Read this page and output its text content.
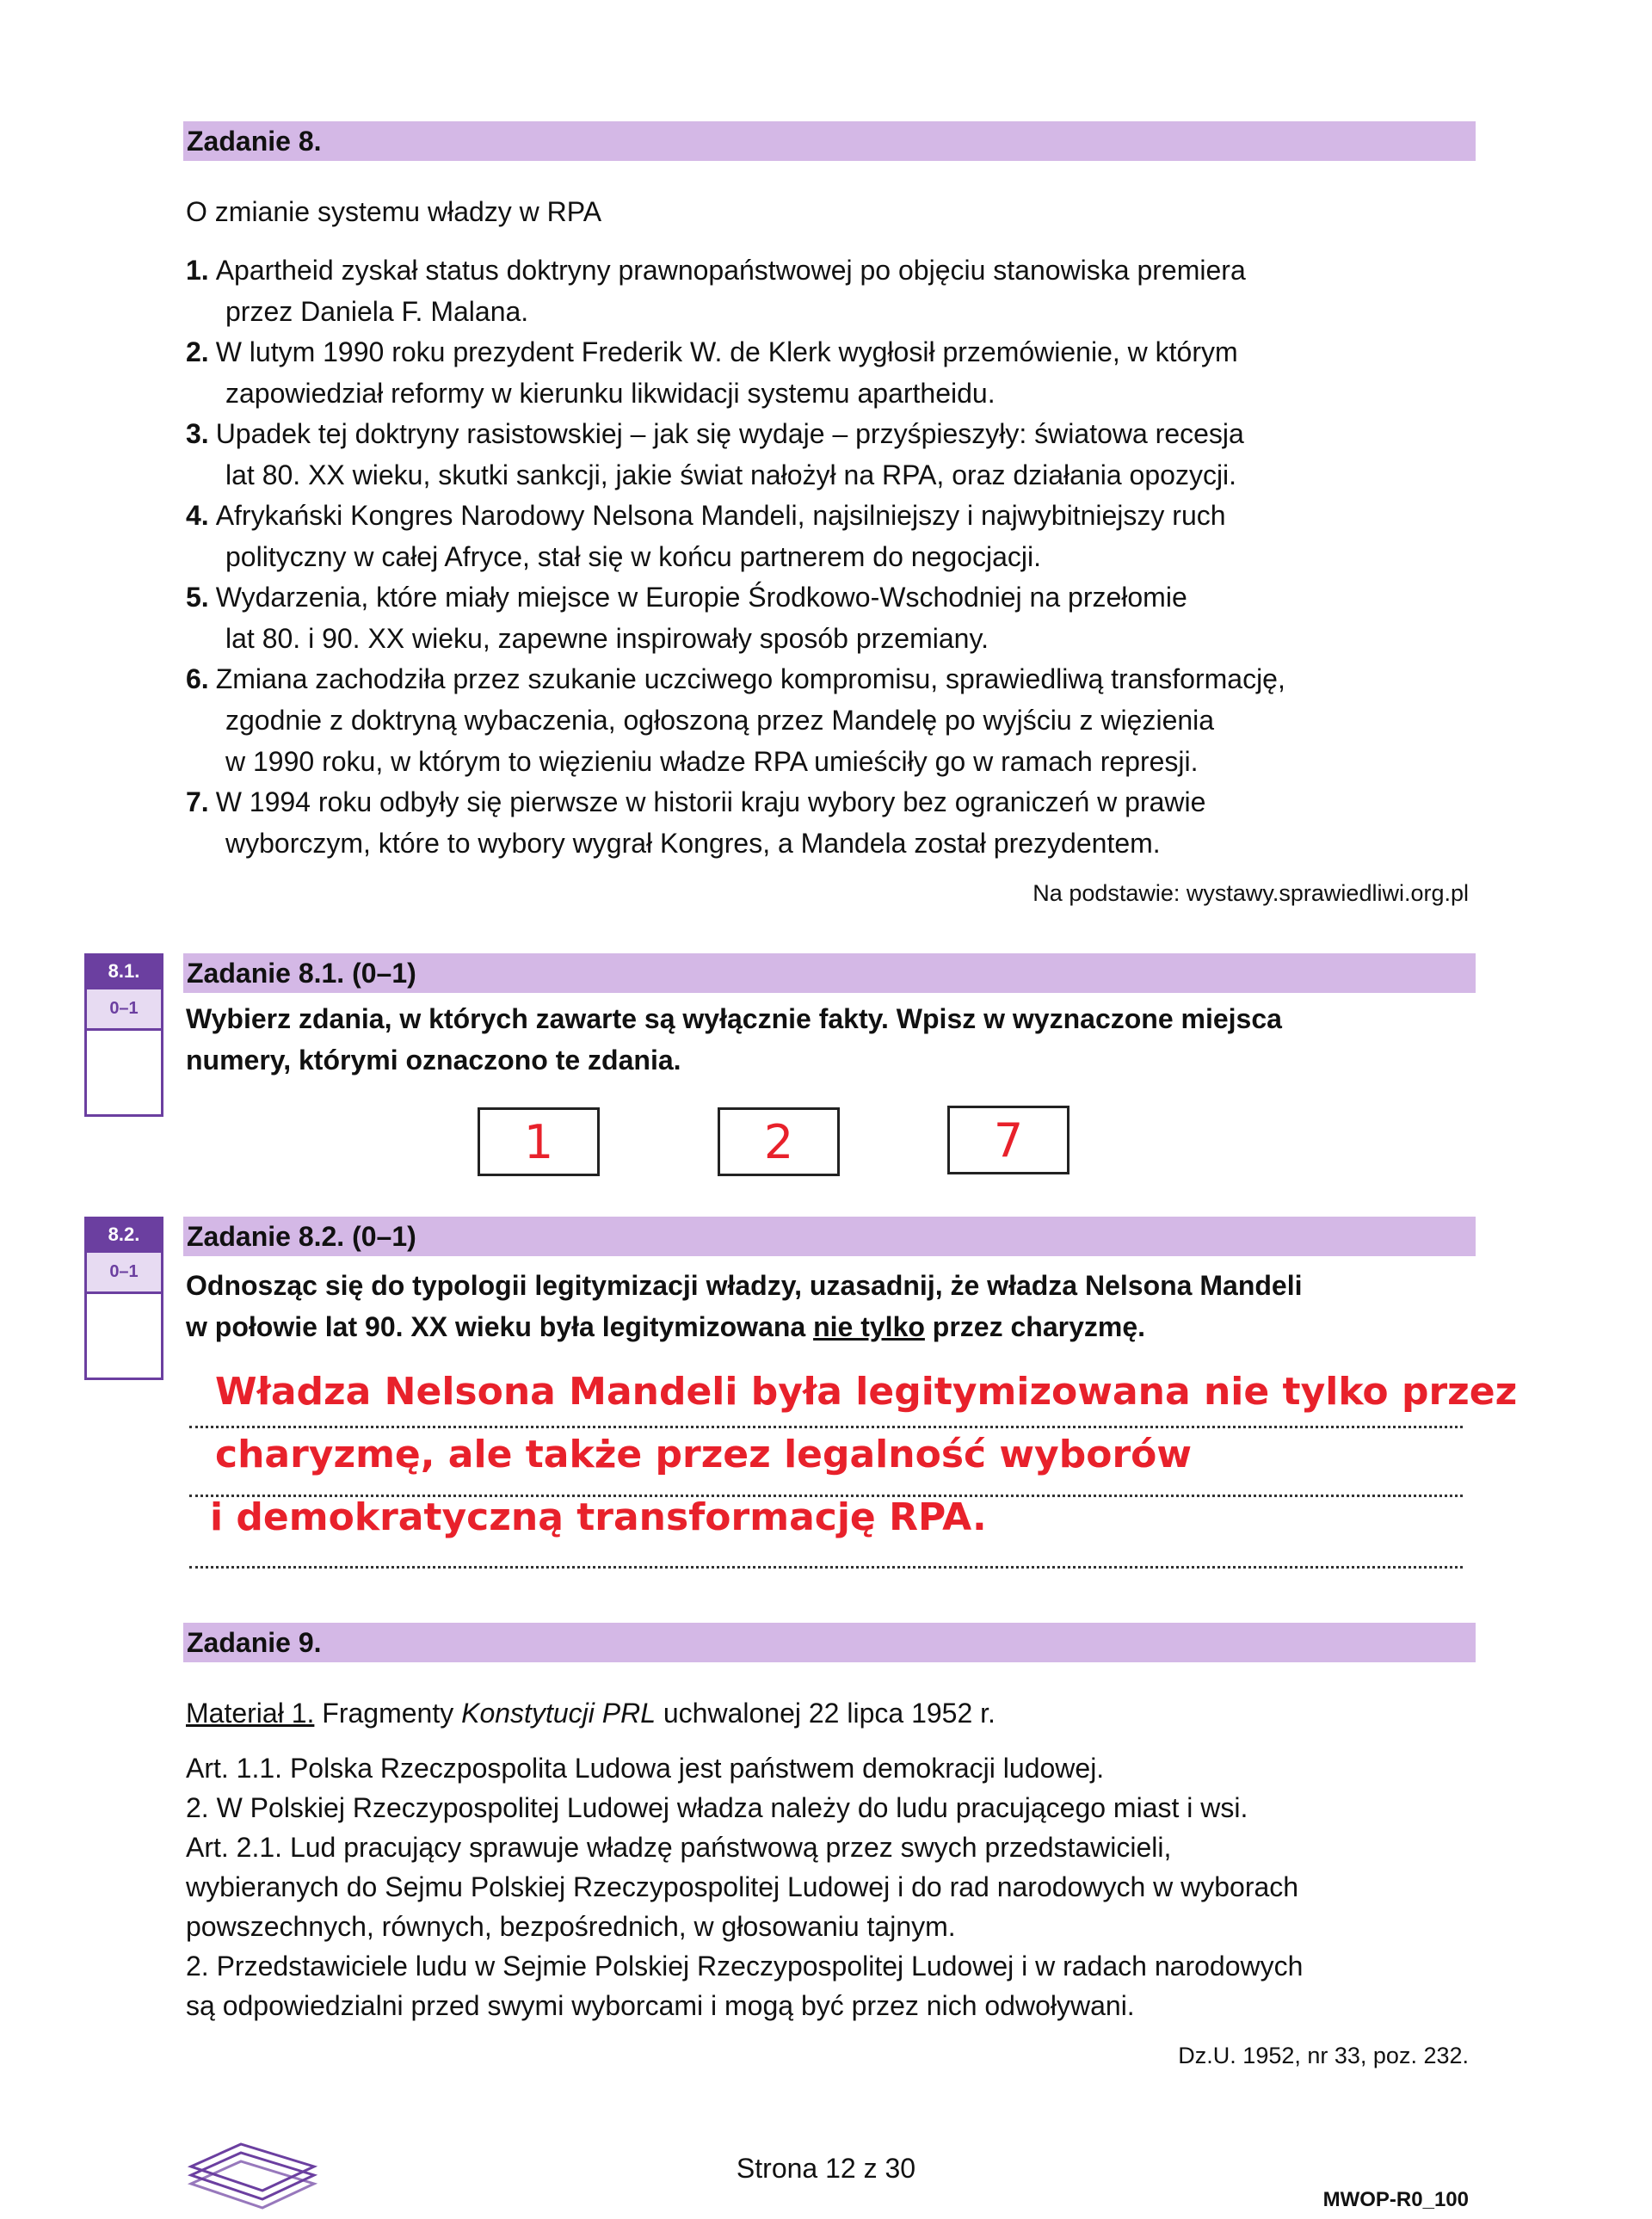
Zadanie 8.
O zmianie systemu władzy w RPA
1. Apartheid zyskał status doktryny prawnopaństwowej po objęciu stanowiska premiera
przez Daniela F. Malana.
2. W lutym 1990 roku prezydent Frederik W. de Klerk wygłosił przemówienie, w którym
zapowiedział reformy w kierunku likwidacji systemu apartheidu.
3. Upadek tej doktryny rasistowskiej – jak się wydaje – przyśpieszyły: światowa recesja
lat 80. XX wieku, skutki sankcji, jakie świat nałożył na RPA, oraz działania opozycji.
4. Afrykański Kongres Narodowy Nelsona Mandeli, najsilniejszy i najwybitniejszy ruch
polityczny w całej Afryce, stał się w końcu partnerem do negocjacji.
5. Wydarzenia, które miały miejsce w Europie Środkowo-Wschodniej na przełomie
lat 80. i 90. XX wieku, zapewne inspirowały sposób przemiany.
6. Zmiana zachodziła przez szukanie uczciwego kompromisu, sprawiedliwą transformację,
zgodnie z doktryną wybaczenia, ogłoszoną przez Mandelę po wyjściu z więzienia
w 1990 roku, w którym to więzieniu władze RPA umieściły go w ramach represji.
7. W 1994 roku odbyły się pierwsze w historii kraju wybory bez ograniczeń w prawie
wyborczym, które to wybory wygrał Kongres, a Mandela został prezydentem.
Na podstawie: wystawy.sprawiedliwi.org.pl
8.1.
0–1
Zadanie 8.1. (0–1)
Wybierz zdania, w których zawarte są wyłącznie fakty. Wpisz w wyznaczone miejsca
numery, którymi oznaczono te zdania.
1	2	7
8.2.
0–1
Zadanie 8.2. (0–1)
Odnosząc się do typologii legitymizacji władzy, uzasadnij, że władza Nelsona Mandeli
w połowie lat 90. XX wieku była legitymizowana nie tylko przez charyzmę.
Władza Nelsona Mandeli była legitymizowana nie tylko przez
charyzmę, ale także przez legalność wyborów
i demokratyczną transformację RPA.
Zadanie 9.
Materiał 1. Fragmenty Konstytucji PRL uchwalonej 22 lipca 1952 r.
Art. 1.1. Polska Rzeczpospolita Ludowa jest państwem demokracji ludowej.
2. W Polskiej Rzeczypospolitej Ludowej władza należy do ludu pracującego miast i wsi.
Art. 2.1. Lud pracujący sprawuje władzę państwową przez swych przedstawicieli,
wybieranych do Sejmu Polskiej Rzeczypospolitej Ludowej i do rad narodowych w wyborach
powszechnych, równych, bezpośrednich, w głosowaniu tajnym.
2. Przedstawiciele ludu w Sejmie Polskiej Rzeczypospolitej Ludowej i w radach narodowych
są odpowiedzialni przed swymi wyborcami i mogą być przez nich odwoływani.
Dz.U. 1952, nr 33, poz. 232.
Strona 12 z 30
MWOP-R0_100
